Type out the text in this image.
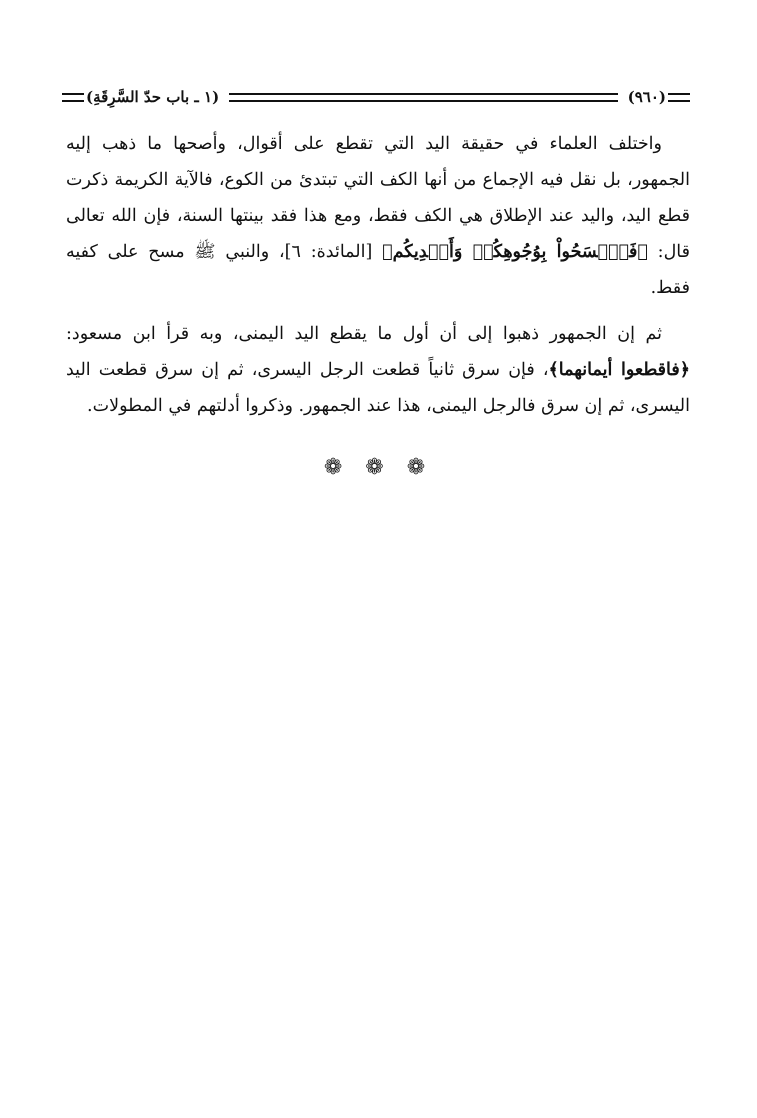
(٩٦٠)
(١ ـ باب حدّ السَّرِقَةِ)

واختلف العلماء في حقيقة اليد التي تقطع على أقوال، وأصحها ما ذهب إليه الجمهور، بل نقل فيه الإجماع من أنها الكف التي تبتدئ من الكوع، فالآية الكريمة ذكرت قطع اليد، واليد عند الإطلاق هي الكف فقط، ومع هذا فقد بينتها السنة، فإن الله تعالى قال: ﴿فَٱمۡسَحُواْ بِوُجُوهِكُمۡ وَأَيۡدِيكُم﴾ [المائدة: ٦]، والنبي ﷺ مسح على كفيه فقط.

ثم إن الجمهور ذهبوا إلى أن أول ما يقطع اليد اليمنى، وبه قرأ ابن مسعود: ﴿فاقطعوا أيمانهما﴾، فإن سرق ثانياً قطعت الرجل اليسرى، ثم إن سرق قطعت اليد اليسرى، ثم إن سرق فالرجل اليمنى، هذا عند الجمهور. وذكروا أدلتهم في المطولات.

❁ ❁ ❁
